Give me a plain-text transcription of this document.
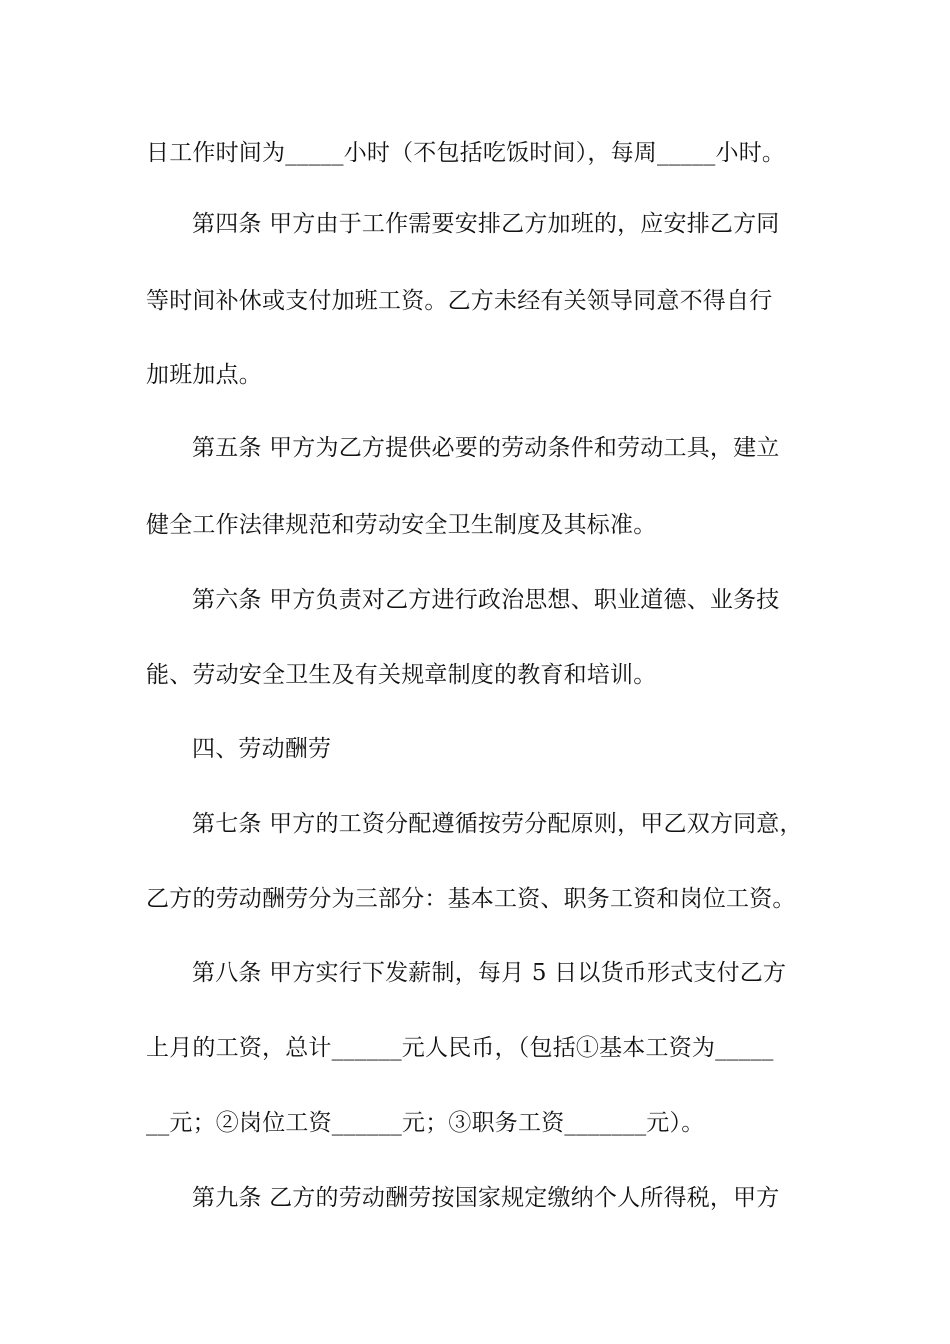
日工作时间为_____小时（不包括吃饭时间），每周_____小时。
第四条 甲方由于工作需要安排乙方加班的，应安排乙方同
等时间补休或支付加班工资。乙方未经有关领导同意不得自行
加班加点。
第五条 甲方为乙方提供必要的劳动条件和劳动工具，建立
健全工作法律规范和劳动安全卫生制度及其标准。
第六条 甲方负责对乙方进行政治思想、职业道德、业务技
能、劳动安全卫生及有关规章制度的教育和培训。
四、劳动酬劳
第七条 甲方的工资分配遵循按劳分配原则，甲乙双方同意，
乙方的劳动酬劳分为三部分：基本工资、职务工资和岗位工资。
第八条 甲方实行下发薪制，每月 5 日以货币形式支付乙方
上月的工资，总计______元人民币，（包括①基本工资为_____
__元；②岗位工资______元；③职务工资_______元）。
第九条 乙方的劳动酬劳按国家规定缴纳个人所得税，甲方
